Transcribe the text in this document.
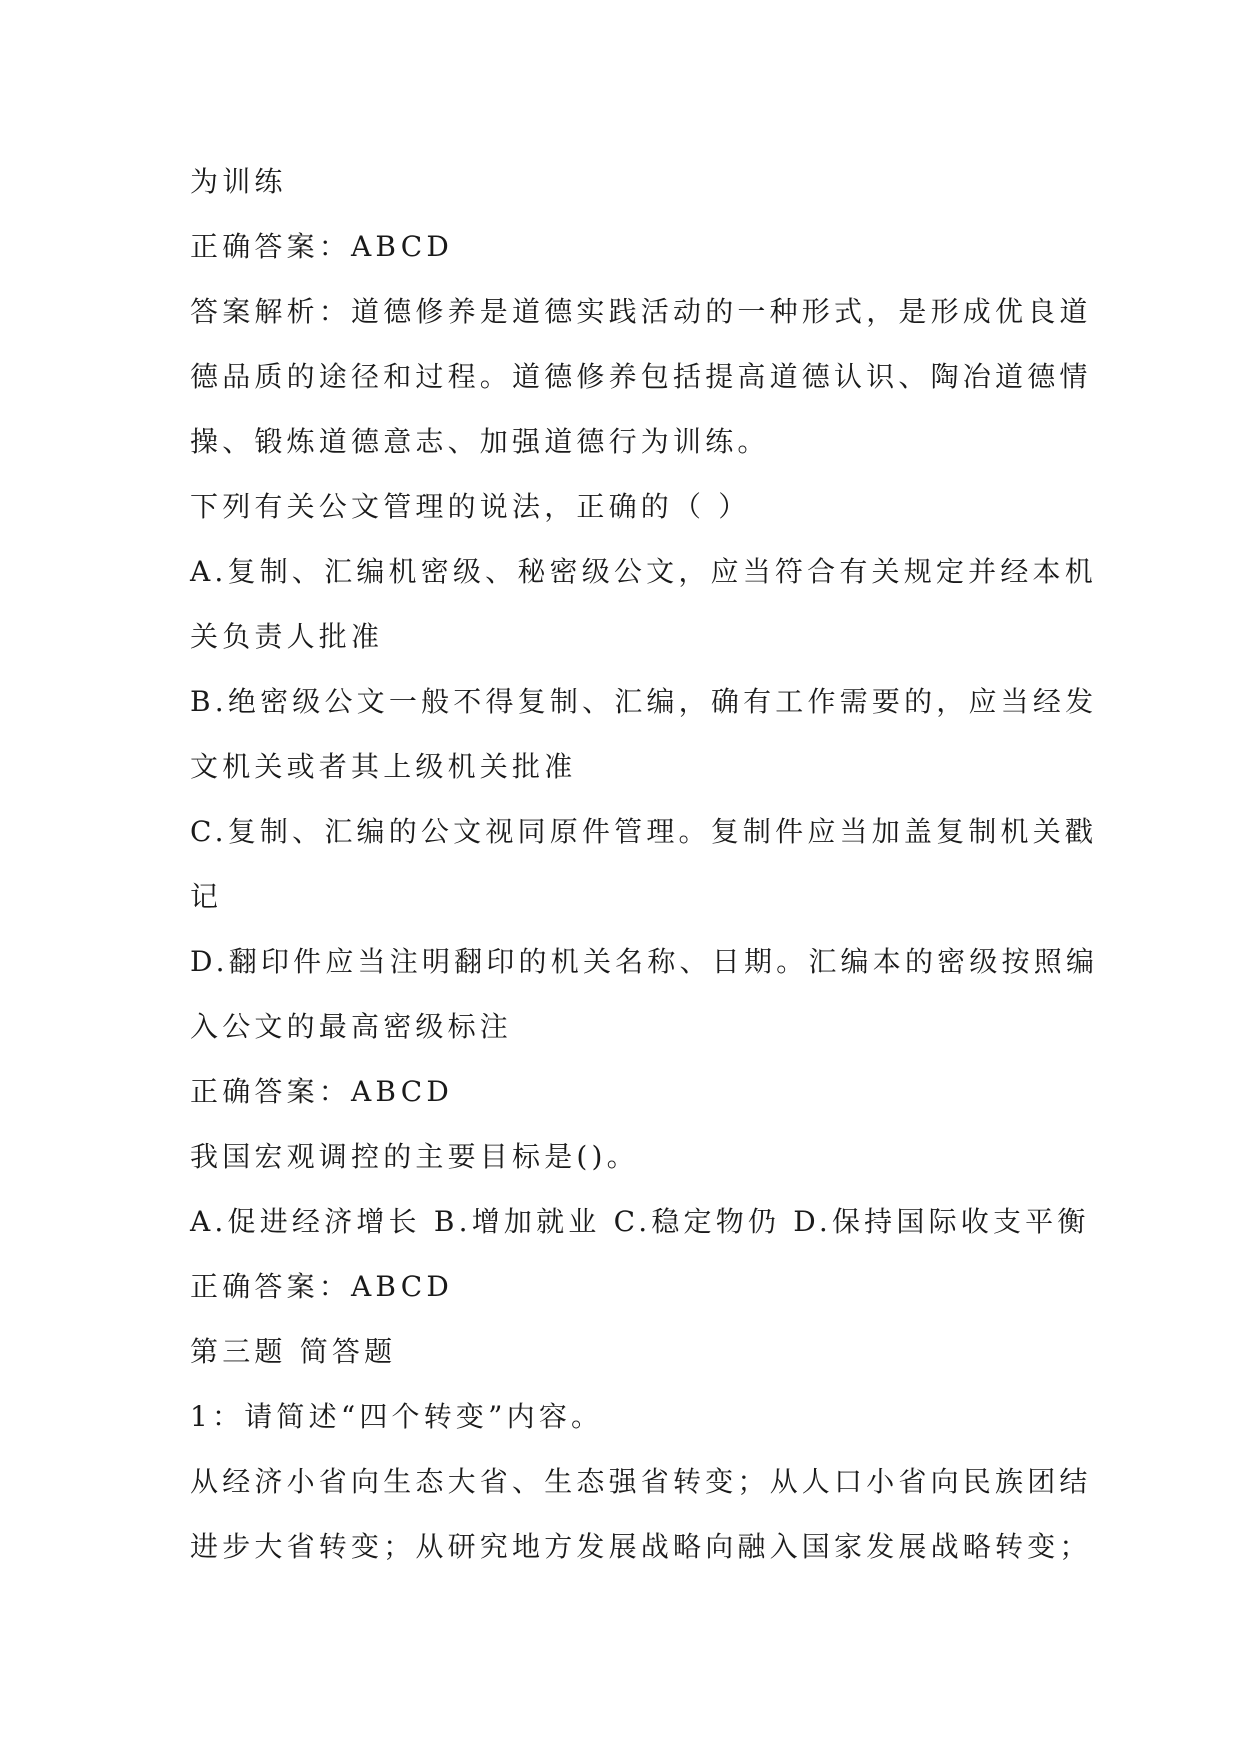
为训练
正确答案：ABCD
答案解析：道德修养是道德实践活动的一种形式，是形成优良道
德品质的途径和过程。道德修养包括提高道德认识、陶冶道德情
操、锻炼道德意志、加强道德行为训练。
下列有关公文管理的说法，正确的（ ）
A.复制、汇编机密级、秘密级公文，应当符合有关规定并经本机
关负责人批准
B.绝密级公文一般不得复制、汇编，确有工作需要的，应当经发
文机关或者其上级机关批准
C.复制、汇编的公文视同原件管理。复制件应当加盖复制机关戳
记
D.翻印件应当注明翻印的机关名称、日期。汇编本的密级按照编
入公文的最高密级标注
正确答案：ABCD
我国宏观调控的主要目标是()。
A.促进经济增长 B.增加就业 C.稳定物仍 D.保持国际收支平衡
正确答案：ABCD
第三题 简答题
1：请简述“四个转变”内容。
从经济小省向生态大省、生态强省转变；从人口小省向民族团结
进步大省转变；从研究地方发展战略向融入国家发展战略转变；
